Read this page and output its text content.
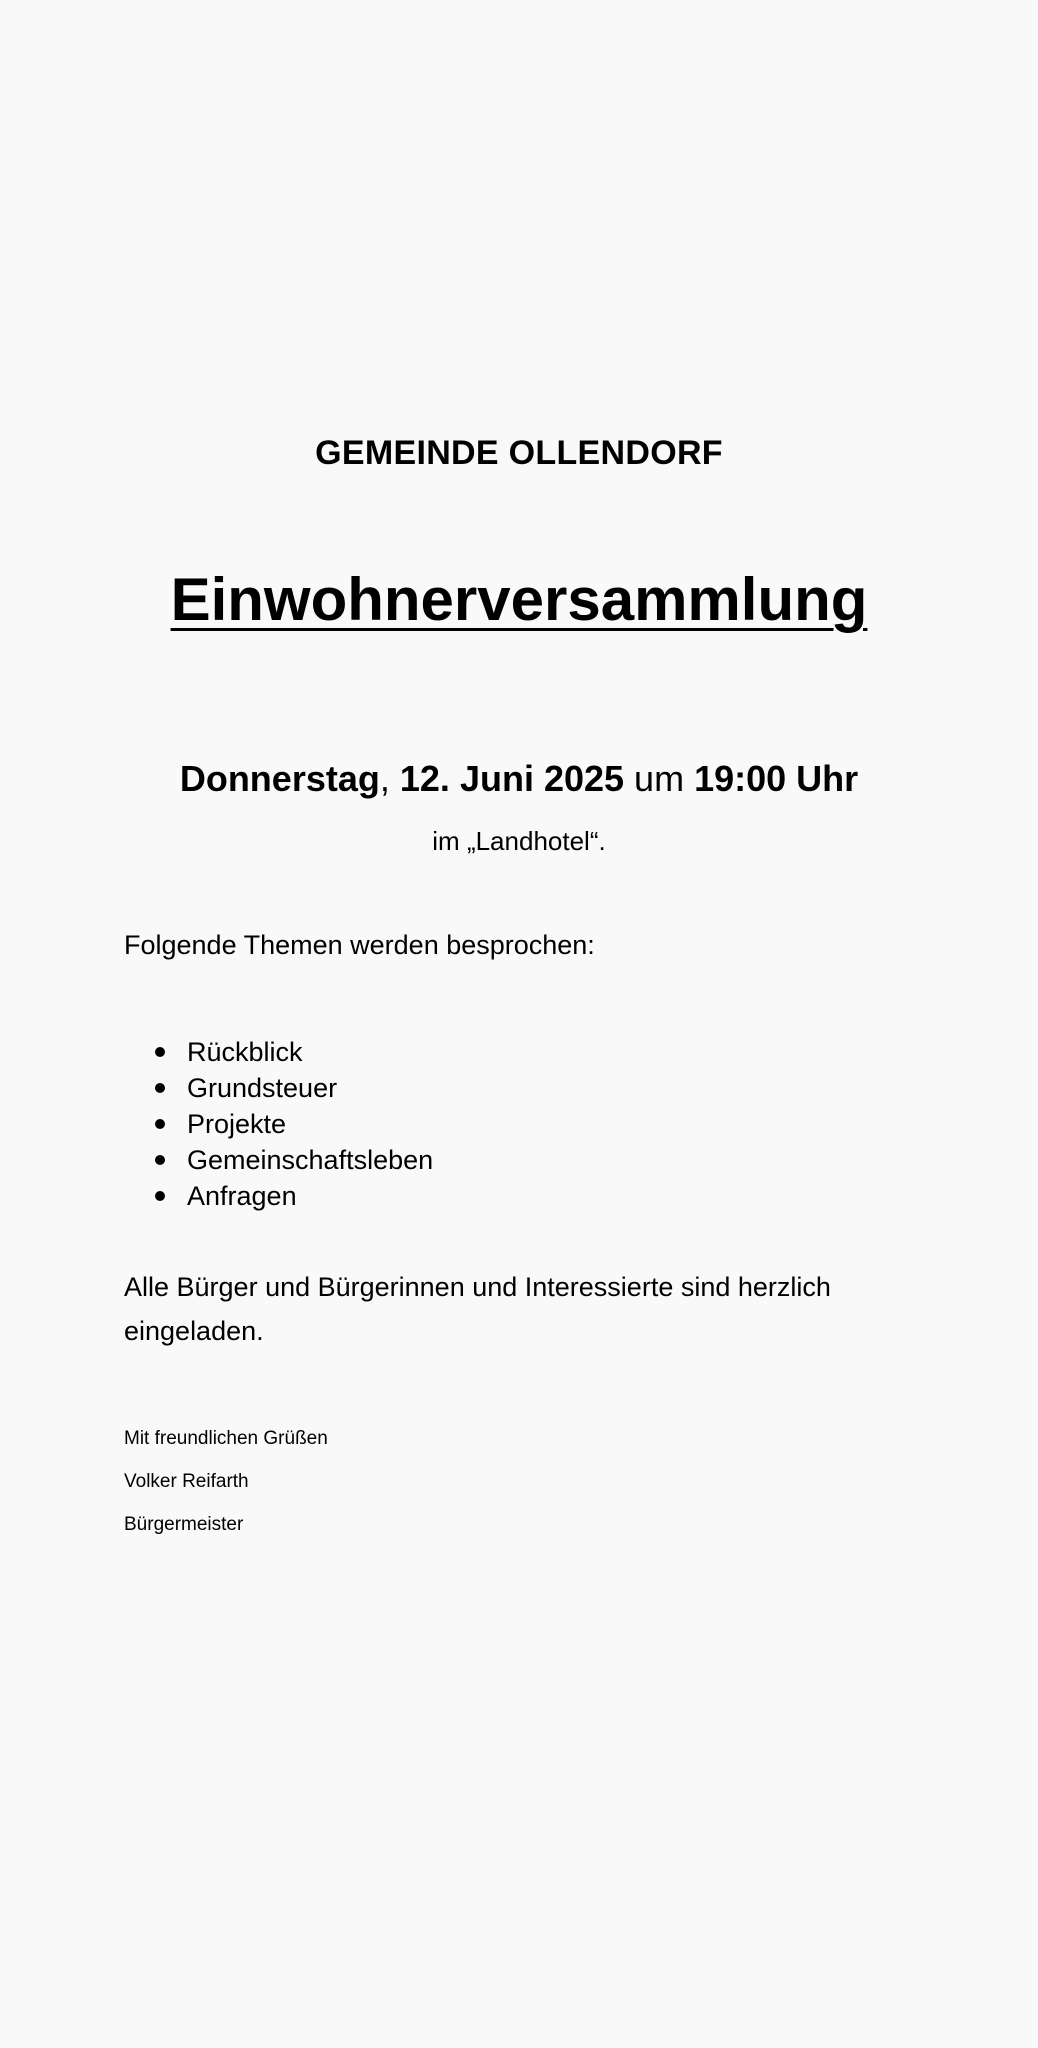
GEMEINDE OLLENDORF
Einwohnerversammlung
Donnerstag, 12. Juni 2025 um 19:00 Uhr
im „Landhotel“.
Folgende Themen werden besprochen:
Rückblick
Grundsteuer
Projekte
Gemeinschaftsleben
Anfragen
Alle Bürger und Bürgerinnen und Interessierte sind herzlich eingeladen.
Mit freundlichen Grüßen
Volker Reifarth
Bürgermeister
